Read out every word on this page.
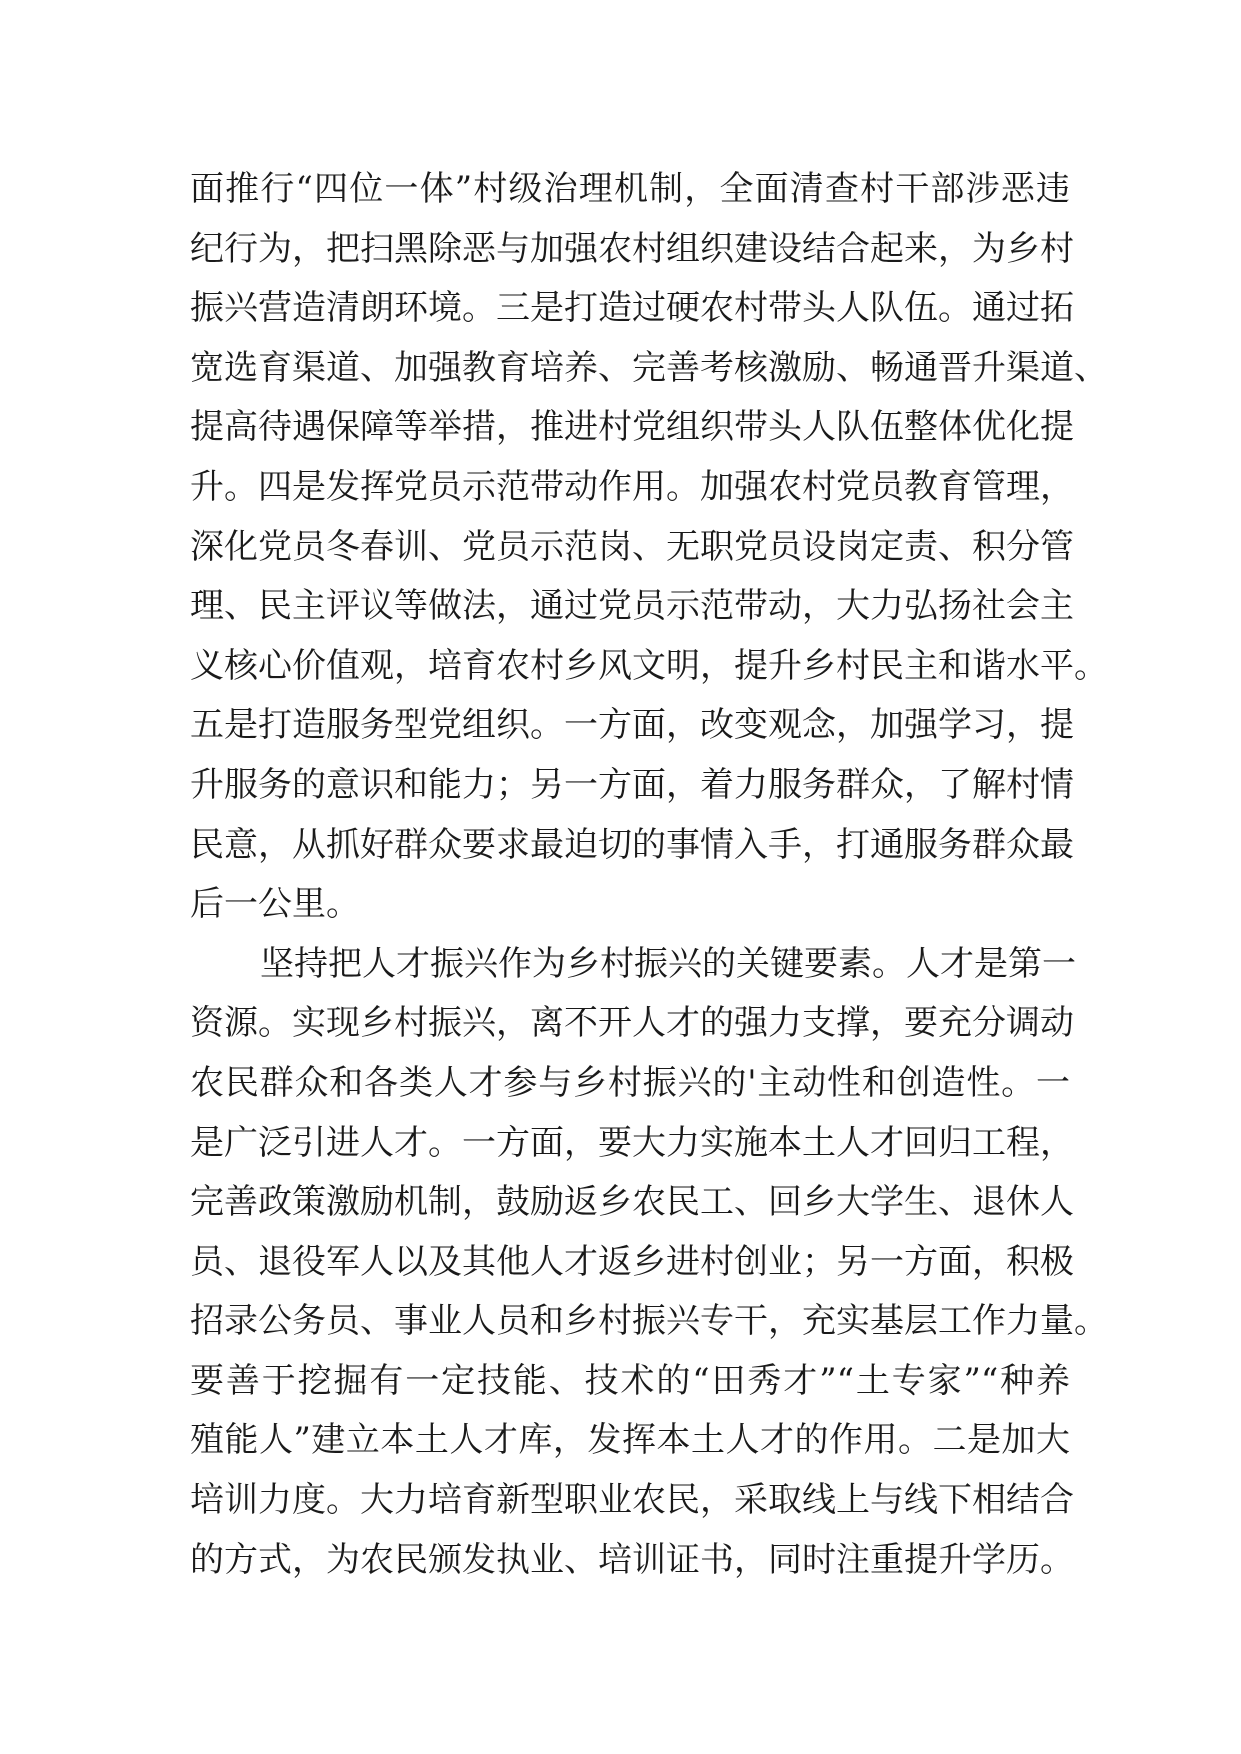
面推行“四位一体”村级治理机制，全面清查村干部涉恶违
纪行为，把扫黑除恶与加强农村组织建设结合起来，为乡村
振兴营造清朗环境。三是打造过硬农村带头人队伍。通过拓
宽选育渠道、加强教育培养、完善考核激励、畅通晋升渠道、
提高待遇保障等举措，推进村党组织带头人队伍整体优化提
升。四是发挥党员示范带动作用。加强农村党员教育管理，
深化党员冬春训、党员示范岗、无职党员设岗定责、积分管
理、民主评议等做法，通过党员示范带动，大力弘扬社会主
义核心价值观，培育农村乡风文明，提升乡村民主和谐水平。
五是打造服务型党组织。一方面，改变观念，加强学习，提
升服务的意识和能力；另一方面，着力服务群众，了解村情
民意，从抓好群众要求最迫切的事情入手，打通服务群众最
后一公里。
坚持把人才振兴作为乡村振兴的关键要素。人才是第一
资源。实现乡村振兴，离不开人才的强力支撑，要充分调动
农民群众和各类人才参与乡村振兴的'主动性和创造性。一
是广泛引进人才。一方面，要大力实施本土人才回归工程，
完善政策激励机制，鼓励返乡农民工、回乡大学生、退休人
员、退役军人以及其他人才返乡进村创业；另一方面，积极
招录公务员、事业人员和乡村振兴专干，充实基层工作力量。
要善于挖掘有一定技能、技术的“田秀才”“土专家”“种养
殖能人”建立本土人才库，发挥本土人才的作用。二是加大
培训力度。大力培育新型职业农民，采取线上与线下相结合
的方式，为农民颁发执业、培训证书，同时注重提升学历。
